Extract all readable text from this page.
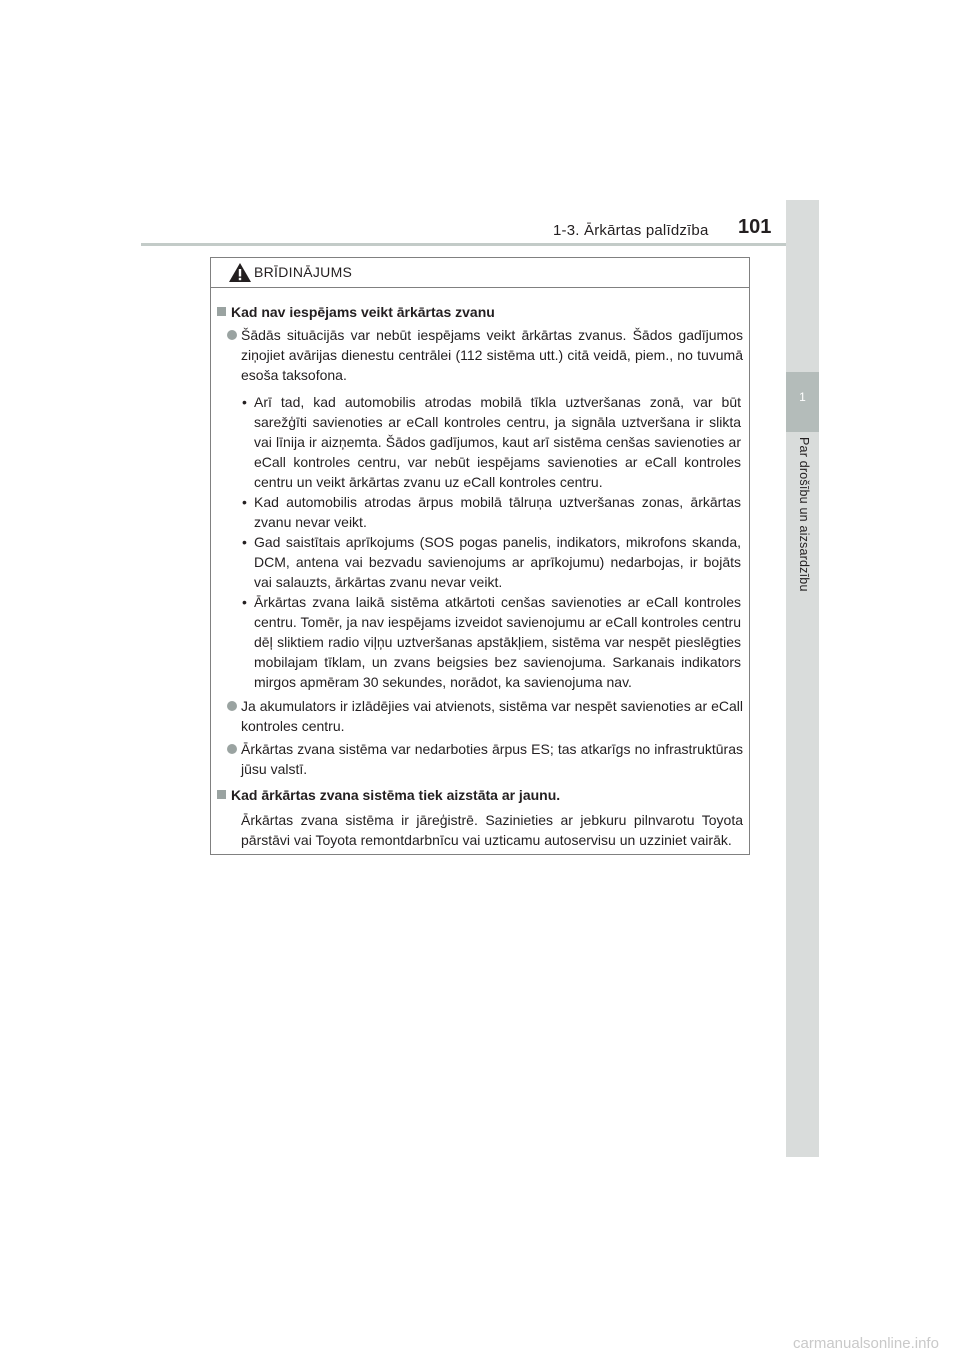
1-3. Ārkārtas palīdzība 101
1
Par drošību un aizsardzību
BRĪDINĀJUMS
Kad nav iespējams veikt ārkārtas zvanu
Šādās situācijās var nebūt iespējams veikt ārkārtas zvanus. Šādos gadījumos ziņojiet avārijas dienestu centrālei (112 sistēma utt.) citā veidā, piem., no tuvumā esoša taksofona.
• Arī tad, kad automobilis atrodas mobilā tīkla uztveršanas zonā, var būt sarežģīti savienoties ar eCall kontroles centru, ja signāla uztveršana ir slikta vai līnija ir aizņemta. Šādos gadījumos, kaut arī sistēma cenšas savienoties ar eCall kontroles centru, var nebūt iespējams savienoties ar eCall kontroles centru un veikt ārkārtas zvanu uz eCall kontroles centru.
• Kad automobilis atrodas ārpus mobilā tālruņa uztveršanas zonas, ārkārtas zvanu nevar veikt.
• Gad saistītais aprīkojums (SOS pogas panelis, indikators, mikrofons skanda, DCM, antena vai bezvadu savienojums ar aprīkojumu) nedarbojas, ir bojāts vai salauzts, ārkārtas zvanu nevar veikt.
• Ārkārtas zvana laikā sistēma atkārtoti cenšas savienoties ar eCall kontroles centru. Tomēr, ja nav iespējams izveidot savienojumu ar eCall kontroles centru dēļ sliktiem radio viļņu uztveršanas apstākļiem, sistēma var nespēt pieslēgties mobilajam tīklam, un zvans beigsies bez savienojuma. Sarkanais indikators mirgos apmēram 30 sekundes, norādot, ka savienojuma nav.
Ja akumulators ir izlādējies vai atvienots, sistēma var nespēt savienoties ar eCall kontroles centru.
Ārkārtas zvana sistēma var nedarboties ārpus ES; tas atkarīgs no infrastruktūras jūsu valstī.
Kad ārkārtas zvana sistēma tiek aizstāta ar jaunu.
Ārkārtas zvana sistēma ir jāreģistrē. Sazinieties ar jebkuru pilnvarotu Toyota pārstāvi vai Toyota remontdarbnīcu vai uzticamu autoservisu un uzziniet vairāk.
carmanualsonline.info
